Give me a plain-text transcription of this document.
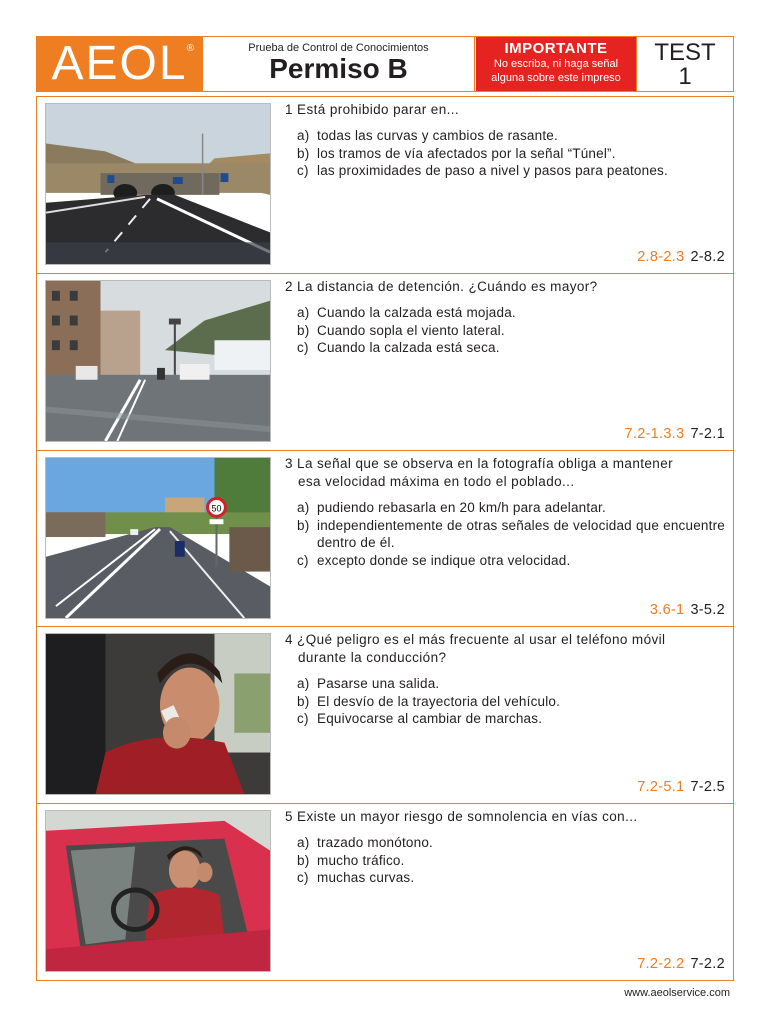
AEOL ®	Prueba de Control de Conocimientos
Permiso B
IMPORTANTE
No escriba, ni haga señal
alguna sobre este impreso
TEST
1
1 Está prohibido parar en...
a) todas las curvas y cambios de rasante.
b) los tramos de vía afectados por la señal “Túnel”.
c) las proximidades de paso a nivel y pasos para peatones.
2.8-2.3 2-8.2
2 La distancia de detención. ¿Cuándo es mayor?
a) Cuando la calzada está mojada.
b) Cuando sopla el viento lateral.
c) Cuando la calzada está seca.
7.2-1.3.3 7-2.1
50
3 La señal que se observa en la fotografía obliga a mantener
esa velocidad máxima en todo el poblado...
a) pudiendo rebasarla en 20 km/h para adelantar.
b) independientemente de otras señales de velocidad que encuentre dentro de él.
c) excepto donde se indique otra velocidad.
3.6-1 3-5.2
4 ¿Qué peligro es el más frecuente al usar el teléfono móvil
durante la conducción?
a) Pasarse una salida.
b) El desvío de la trayectoria del vehículo.
c) Equivocarse al cambiar de marchas.
7.2-5.1 7-2.5
5 Existe un mayor riesgo de somnolencia en vías con...
a) trazado monótono.
b) mucho tráfico.
c) muchas curvas.
7.2-2.2 7-2.2
www.aeolservice.com
